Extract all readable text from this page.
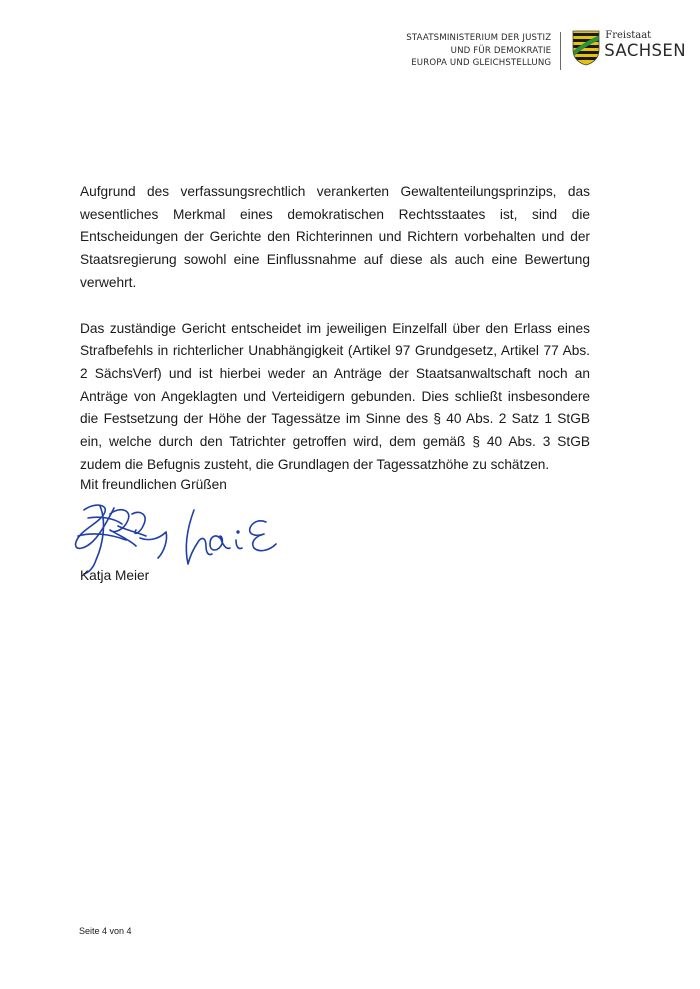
STAATSMINISTERIUM DER JUSTIZ
UND FÜR DEMOKRATIE
EUROPA UND GLEICHSTELLUNG
Freistaat
SACHSEN

Aufgrund des verfassungsrechtlich verankerten Gewaltenteilungsprinzips, das wesentliches Merkmal eines demokratischen Rechtsstaates ist, sind die Entscheidungen der Gerichte den Richterinnen und Richtern vorbehalten und der Staatsregierung sowohl eine Einflussnahme auf diese als auch eine Bewertung verwehrt.

Das zuständige Gericht entscheidet im jeweiligen Einzelfall über den Erlass eines Strafbefehls in richterlicher Unabhängigkeit (Artikel 97 Grundgesetz, Artikel 77 Abs. 2 SächsVerf) und ist hierbei weder an Anträge der Staatsanwaltschaft noch an Anträge von Angeklagten und Verteidigern gebunden. Dies schließt insbesondere die Festsetzung der Höhe der Tagessätze im Sinne des § 40 Abs. 2 Satz 1 StGB ein, welche durch den Tatrichter getroffen wird, dem gemäß § 40 Abs. 3 StGB zudem die Befugnis zusteht, die Grundlagen der Tagessatzhöhe zu schätzen.

Mit freundlichen Grüßen
Katja Meier
Seite 4 von 4
